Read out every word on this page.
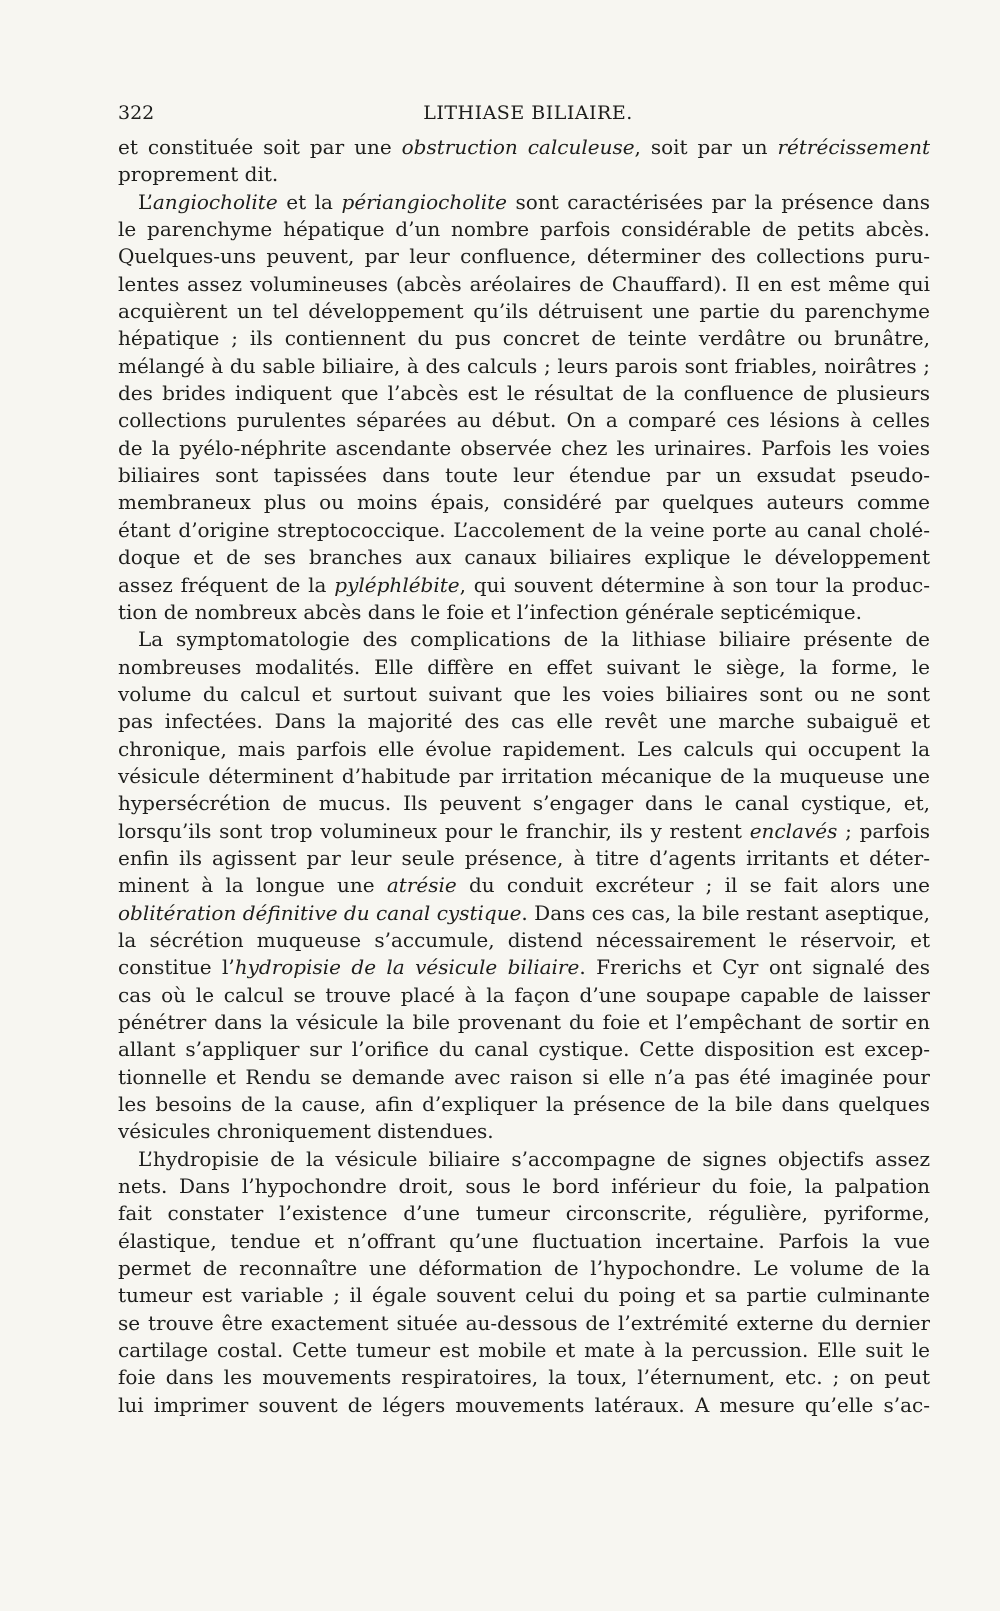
322	LITHIASE BILIAIRE.
et constituée soit par une obstruction calculeuse, soit par un rétrécissement
proprement dit.
L’angiocholite et la périangiocholite sont caractérisées par la présence dans
le parenchyme hépatique d’un nombre parfois considérable de petits abcès.
Quelques-uns peuvent, par leur confluence, déterminer des collections puru-
lentes assez volumineuses (abcès aréolaires de Chauffard). Il en est même qui
acquièrent un tel développement qu’ils détruisent une partie du parenchyme
hépatique ; ils contiennent du pus concret de teinte verdâtre ou brunâtre,
mélangé à du sable biliaire, à des calculs ; leurs parois sont friables, noirâtres ;
des brides indiquent que l’abcès est le résultat de la confluence de plusieurs
collections purulentes séparées au début. On a comparé ces lésions à celles
de la pyélo-néphrite ascendante observée chez les urinaires. Parfois les voies
biliaires sont tapissées dans toute leur étendue par un exsudat pseudo-
membraneux plus ou moins épais, considéré par quelques auteurs comme
étant d’origine streptococcique. L’accolement de la veine porte au canal cholé-
doque et de ses branches aux canaux biliaires explique le développement
assez fréquent de la pyléphlébite, qui souvent détermine à son tour la produc-
tion de nombreux abcès dans le foie et l’infection générale septicémique.
La symptomatologie des complications de la lithiase biliaire présente de
nombreuses modalités. Elle diffère en effet suivant le siège, la forme, le
volume du calcul et surtout suivant que les voies biliaires sont ou ne sont
pas infectées. Dans la majorité des cas elle revêt une marche subaiguë et
chronique, mais parfois elle évolue rapidement. Les calculs qui occupent la
vésicule déterminent d’habitude par irritation mécanique de la muqueuse une
hypersécrétion de mucus. Ils peuvent s’engager dans le canal cystique, et,
lorsqu’ils sont trop volumineux pour le franchir, ils y restent enclavés ; parfois
enfin ils agissent par leur seule présence, à titre d’agents irritants et déter-
minent à la longue une atrésie du conduit excréteur ; il se fait alors une
oblitération définitive du canal cystique. Dans ces cas, la bile restant aseptique,
la sécrétion muqueuse s’accumule, distend nécessairement le réservoir, et
constitue l’hydropisie de la vésicule biliaire. Frerichs et Cyr ont signalé des
cas où le calcul se trouve placé à la façon d’une soupape capable de laisser
pénétrer dans la vésicule la bile provenant du foie et l’empêchant de sortir en
allant s’appliquer sur l’orifice du canal cystique. Cette disposition est excep-
tionnelle et Rendu se demande avec raison si elle n’a pas été imaginée pour
les besoins de la cause, afin d’expliquer la présence de la bile dans quelques
vésicules chroniquement distendues.
L’hydropisie de la vésicule biliaire s’accompagne de signes objectifs assez
nets. Dans l’hypochondre droit, sous le bord inférieur du foie, la palpation
fait constater l’existence d’une tumeur circonscrite, régulière, pyriforme,
élastique, tendue et n’offrant qu’une fluctuation incertaine. Parfois la vue
permet de reconnaître une déformation de l’hypochondre. Le volume de la
tumeur est variable ; il égale souvent celui du poing et sa partie culminante
se trouve être exactement située au-dessous de l’extrémité externe du dernier
cartilage costal. Cette tumeur est mobile et mate à la percussion. Elle suit le
foie dans les mouvements respiratoires, la toux, l’éternument, etc. ; on peut
lui imprimer souvent de légers mouvements latéraux. A mesure qu’elle s’ac-
